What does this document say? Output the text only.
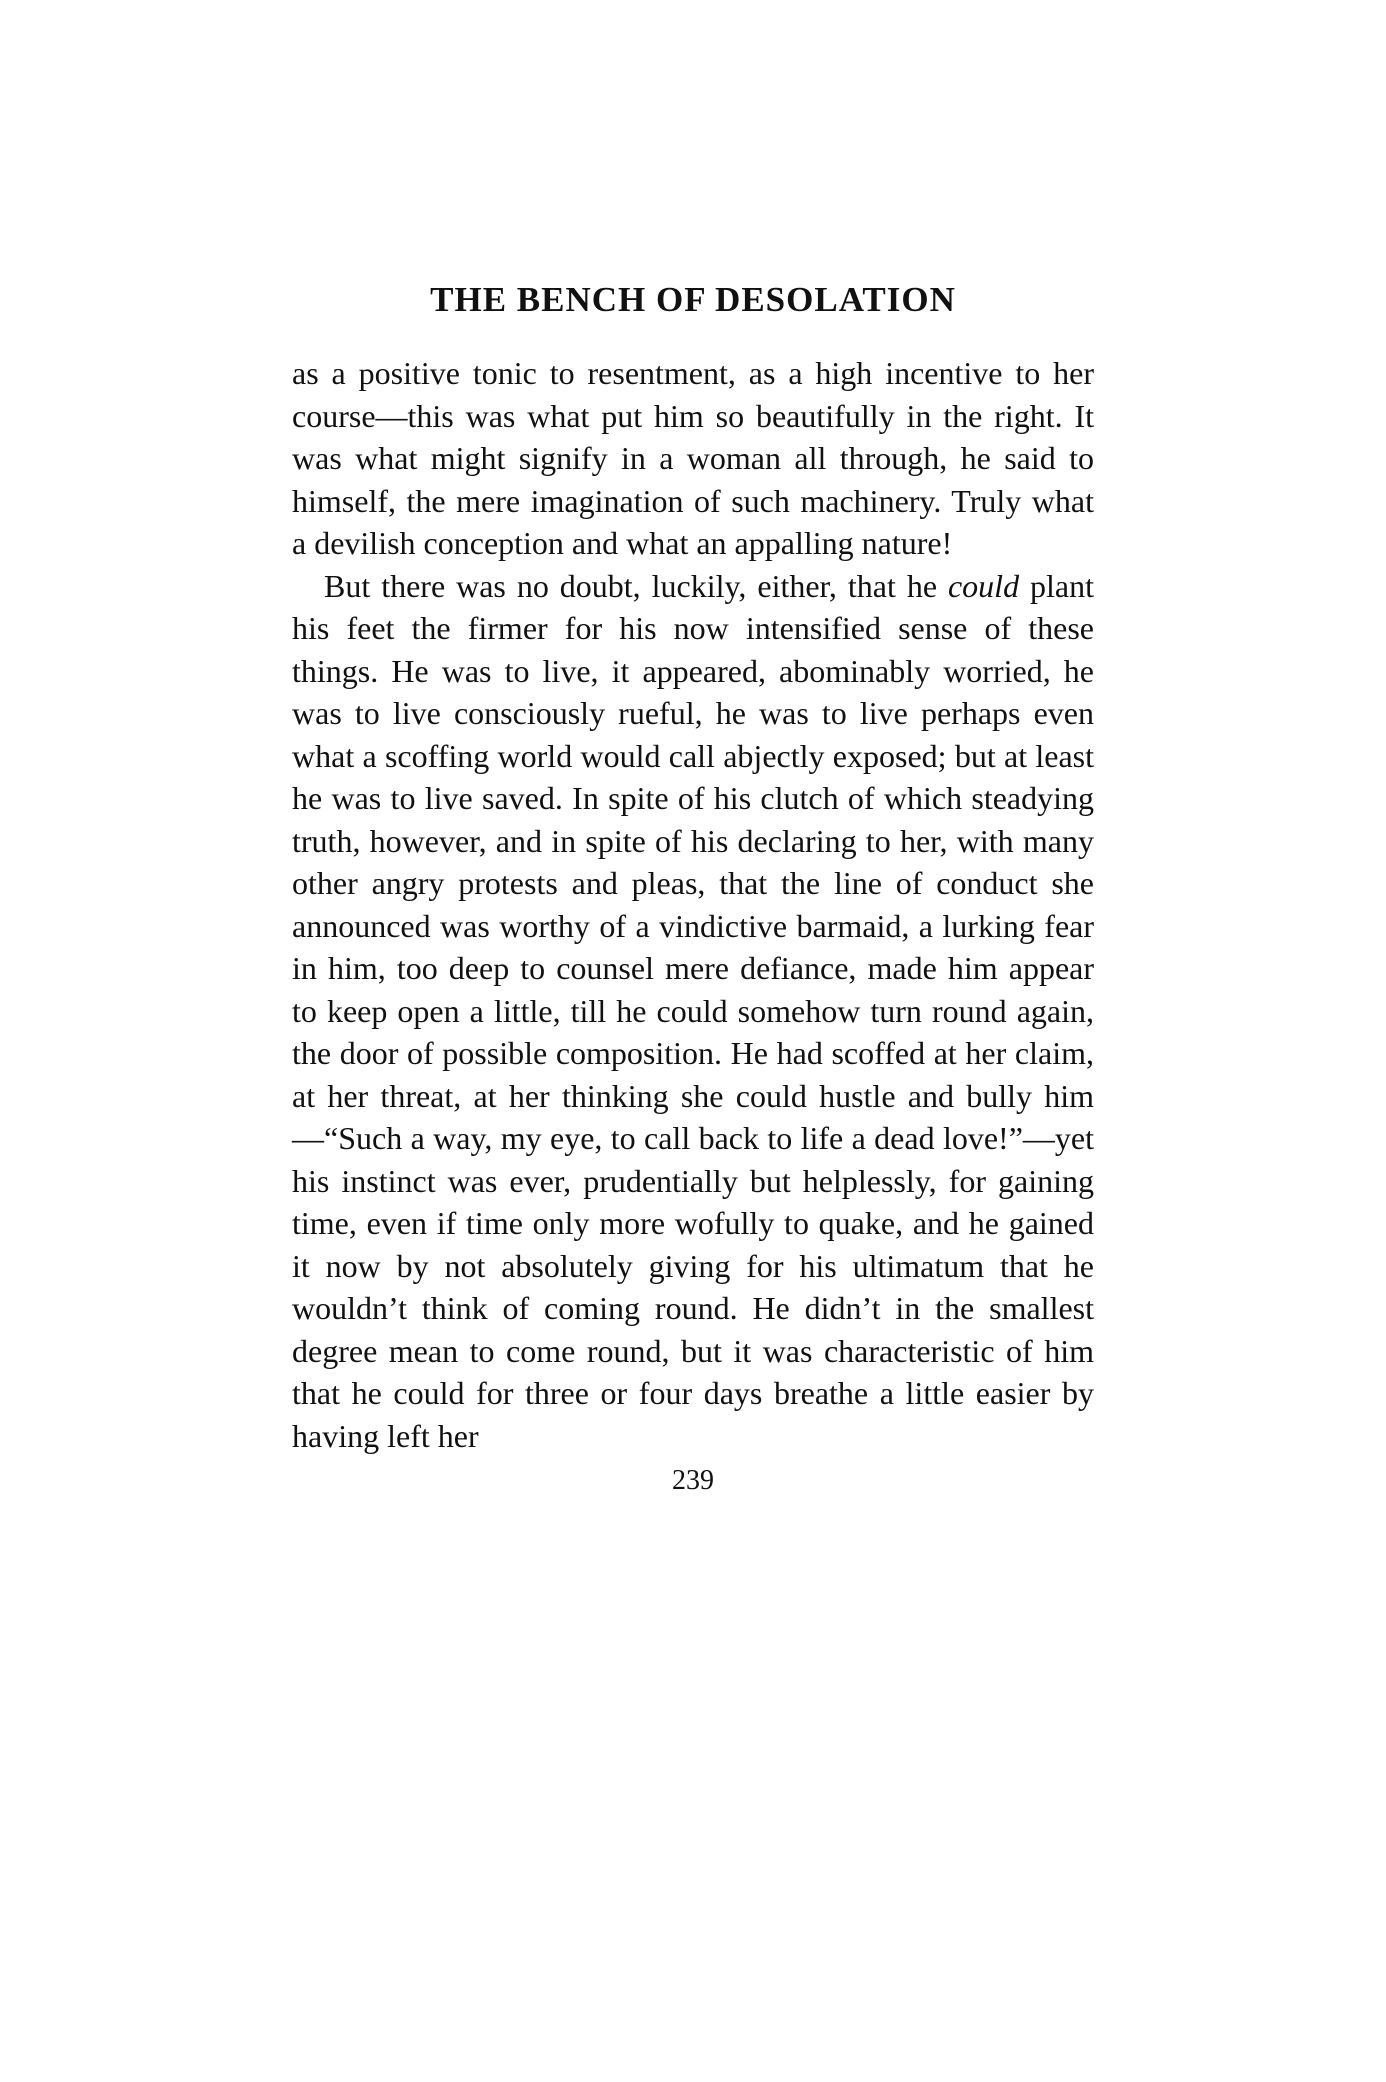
THE BENCH OF DESOLATION

as a positive tonic to resentment, as a high incentive to her course—this was what put him so beautifully in the right. It was what might signify in a woman all through, he said to himself, the mere imagination of such machinery. Truly what a devilish conception and what an appalling nature!

But there was no doubt, luckily, either, that he could plant his feet the firmer for his now intensified sense of these things. He was to live, it appeared, abominably worried, he was to live consciously rueful, he was to live perhaps even what a scoffing world would call abjectly exposed; but at least he was to live saved. In spite of his clutch of which steadying truth, however, and in spite of his declaring to her, with many other angry protests and pleas, that the line of conduct she announced was worthy of a vindictive barmaid, a lurking fear in him, too deep to counsel mere defiance, made him appear to keep open a little, till he could somehow turn round again, the door of possible composition. He had scoffed at her claim, at her threat, at her thinking she could hustle and bully him—“Such a way, my eye, to call back to life a dead love!”—yet his instinct was ever, prudentially but helplessly, for gaining time, even if time only more wofully to quake, and he gained it now by not absolutely giving for his ultimatum that he wouldn’t think of coming round. He didn’t in the smallest degree mean to come round, but it was characteristic of him that he could for three or four days breathe a little easier by having left her

239
